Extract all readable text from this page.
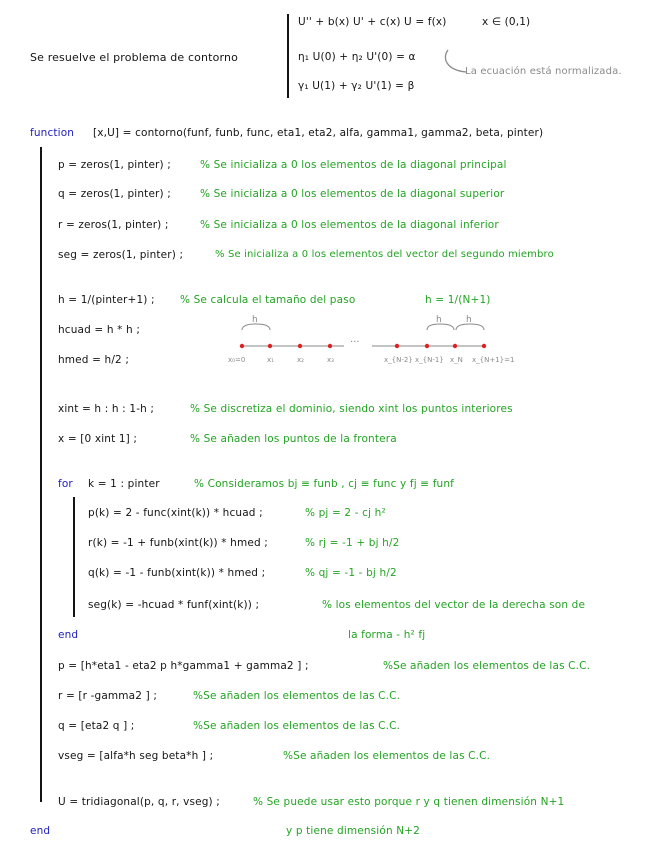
Se resuelve el problema de contorno
U'' + b(x) U' + c(x) U = f(x)	x ∈ (0,1)
η₁ U(0) + η₂ U'(0) = α
γ₁ U(1) + γ₂ U'(1) = β
La ecuación está normalizada.
function [x,U] = contorno(funf, funb, func, eta1, eta2, alfa, gamma1, gamma2, beta, pinter)
p = zeros(1, pinter) ;	% Se inicializa a 0 los elementos de la diagonal principal
q = zeros(1, pinter) ;	% Se inicializa a 0 los elementos de la diagonal superior
r = zeros(1, pinter) ;	% Se inicializa a 0 los elementos de la diagonal inferior
seg = zeros(1, pinter) ;	% Se inicializa a 0 los elementos del vector del segundo miembro
h = 1/(pinter+1) ; % Se calcula el tamaño del paso	h = 1/(N+1)
hcuad = h * h ;
hmed = h/2 ;
h	h	h
...
x₀=0	x₁	x₂	x₃	x_{N-2} x_{N-1} x_N x_{N+1}=1
xint = h : h : 1-h ;	% Se discretiza el dominio, siendo xint los puntos interiores
x = [0 xint 1] ;	% Se añaden los puntos de la frontera
for k = 1 : pinter	% Consideramos bj ≡ funb , cj ≡ func y fj ≡ funf
p(k) = 2 - func(xint(k)) * hcuad ;	% pj = 2 - cj h²
r(k) = -1 + funb(xint(k)) * hmed ;	% rj = -1 + bj h/2
q(k) = -1 - funb(xint(k)) * hmed ;	% qj = -1 - bj h/2
seg(k) = -hcuad * funf(xint(k)) ;	% los elementos del vector de la derecha son de
end	la forma - h² fj
p = [h*eta1 - eta2 p h*gamma1 + gamma2 ] ;	%Se añaden los elementos de las C.C.
r = [r -gamma2 ] ;	%Se añaden los elementos de las C.C.
q = [eta2 q ] ;	%Se añaden los elementos de las C.C.
vseg = [alfa*h seg beta*h ] ;	%Se añaden los elementos de las C.C.
U = tridiagonal(p, q, r, vseg) ;	% Se puede usar esto porque r y q tienen dimensión N+1
end	y p tiene dimensión N+2
